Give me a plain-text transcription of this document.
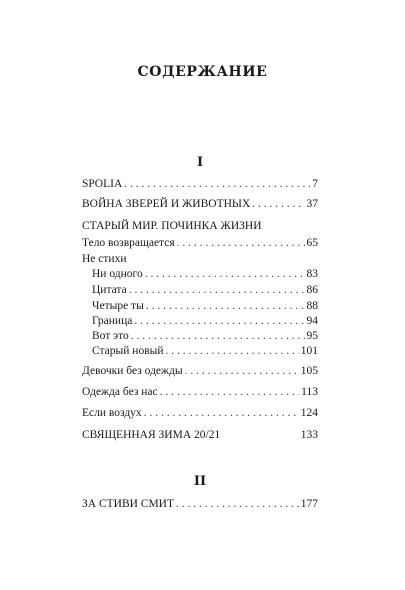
СОДЕРЖАНИЕ
I
SPOLIA . . .	7
ВОЙНА ЗВЕРЕЙ И ЖИВОТНЫХ . . .	37
СТАРЫЙ МИР. ПОЧИНКА ЖИЗНИ
Тело возвращается . . .	65
Не стихи
Ни одного . . .	83
Цитата . . .	86
Четыре ты . . .	88
Граница . . .	94
Вот это . . .	95
Старый новый . . .	101
Девочки без одежды . . .	105
Одежда без нас . . .	113
Если воздух . . .	124
СВЯЩЕННАЯ ЗИМА 20/21	133
II
ЗА СТИВИ СМИТ . . .	177
